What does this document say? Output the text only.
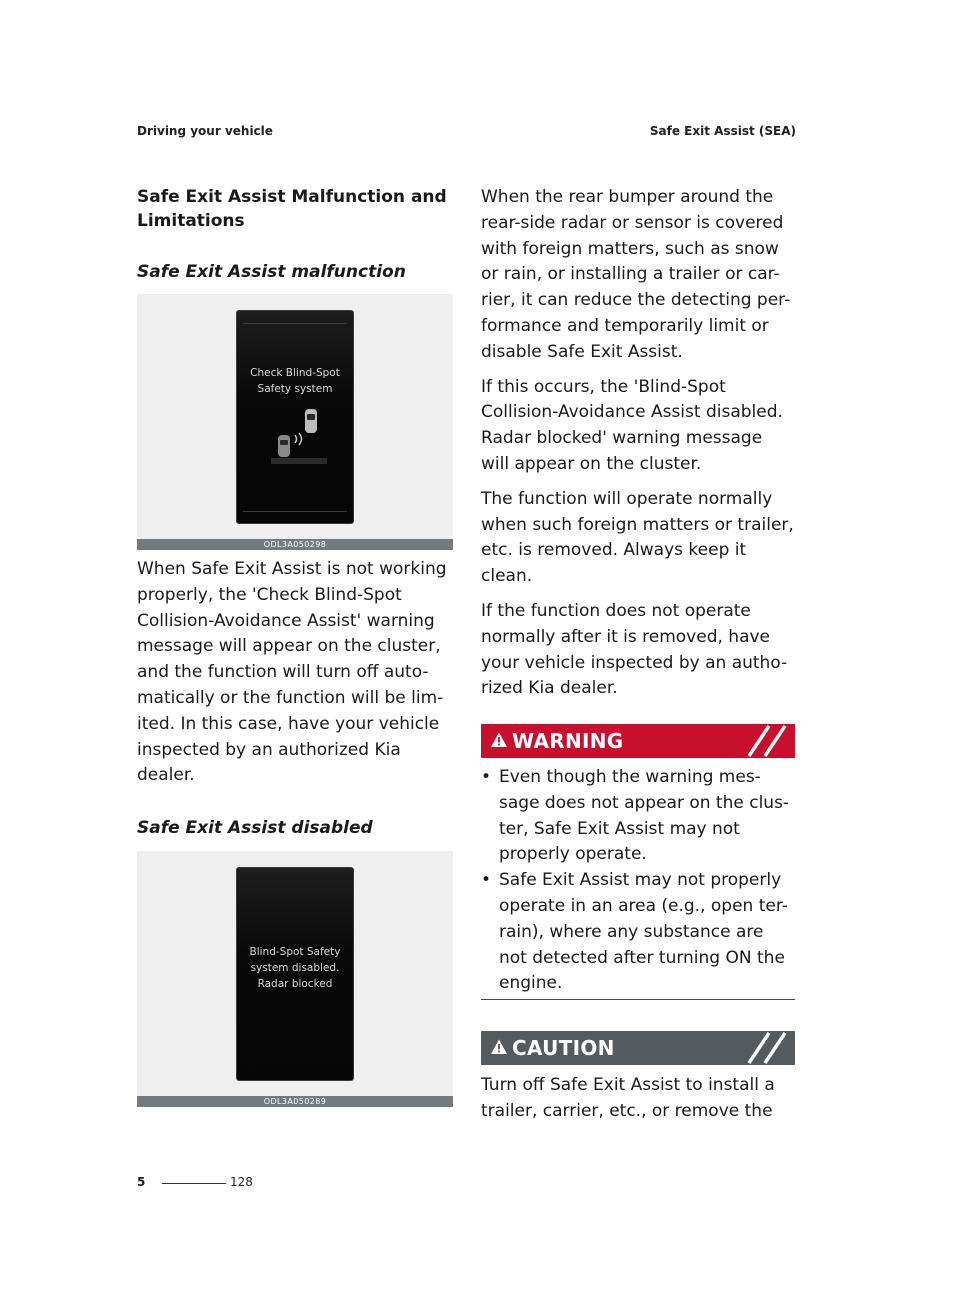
Driving your vehicle	Safe Exit Assist (SEA)
Safe Exit Assist Malfunction and Limitations
Safe Exit Assist malfunction
Check Blind-Spot
Safety system
ODL3A050298

When Safe Exit Assist is not working properly, the 'Check Blind-Spot Collision-Avoidance Assist' warning message will appear on the cluster, and the function will turn off auto-matically or the function will be lim-ited. In this case, have your vehicle inspected by an authorized Kia dealer.

Safe Exit Assist disabled
Blind-Spot Safety
system disabled.
Radar blocked
ODL3A050289

When the rear bumper around the rear-side radar or sensor is covered with foreign matters, such as snow or rain, or installing a trailer or car-rier, it can reduce the detecting per-formance and temporarily limit or disable Safe Exit Assist.

If this occurs, the 'Blind-Spot Collision-Avoidance Assist disabled. Radar blocked' warning message will appear on the cluster.

The function will operate normally when such foreign matters or trailer, etc. is removed. Always keep it clean.

If the function does not operate normally after it is removed, have your vehicle inspected by an autho-rized Kia dealer.

WARNING
• Even though the warning mes-sage does not appear on the clus-ter, Safe Exit Assist may not properly operate.
• Safe Exit Assist may not properly operate in an area (e.g., open ter-rain), where any substance are not detected after turning ON the engine.
CAUTION

Turn off Safe Exit Assist to install a trailer, carrier, etc., or remove the

5	128
